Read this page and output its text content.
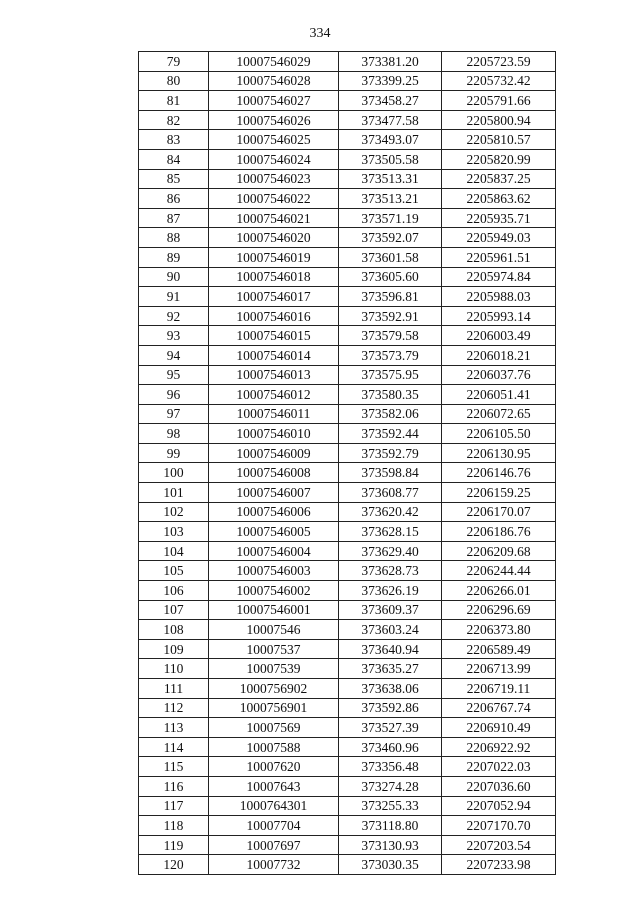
334
79	10007546029	373381.20	2205723.59
80	10007546028	373399.25	2205732.42
81	10007546027	373458.27	2205791.66
82	10007546026	373477.58	2205800.94
83	10007546025	373493.07	2205810.57
84	10007546024	373505.58	2205820.99
85	10007546023	373513.31	2205837.25
86	10007546022	373513.21	2205863.62
87	10007546021	373571.19	2205935.71
88	10007546020	373592.07	2205949.03
89	10007546019	373601.58	2205961.51
90	10007546018	373605.60	2205974.84
91	10007546017	373596.81	2205988.03
92	10007546016	373592.91	2205993.14
93	10007546015	373579.58	2206003.49
94	10007546014	373573.79	2206018.21
95	10007546013	373575.95	2206037.76
96	10007546012	373580.35	2206051.41
97	10007546011	373582.06	2206072.65
98	10007546010	373592.44	2206105.50
99	10007546009	373592.79	2206130.95
100	10007546008	373598.84	2206146.76
101	10007546007	373608.77	2206159.25
102	10007546006	373620.42	2206170.07
103	10007546005	373628.15	2206186.76
104	10007546004	373629.40	2206209.68
105	10007546003	373628.73	2206244.44
106	10007546002	373626.19	2206266.01
107	10007546001	373609.37	2206296.69
108	10007546	373603.24	2206373.80
109	10007537	373640.94	2206589.49
110	10007539	373635.27	2206713.99
111	1000756902	373638.06	2206719.11
112	1000756901	373592.86	2206767.74
113	10007569	373527.39	2206910.49
114	10007588	373460.96	2206922.92
115	10007620	373356.48	2207022.03
116	10007643	373274.28	2207036.60
117	1000764301	373255.33	2207052.94
118	10007704	373118.80	2207170.70
119	10007697	373130.93	2207203.54
120	10007732	373030.35	2207233.98
